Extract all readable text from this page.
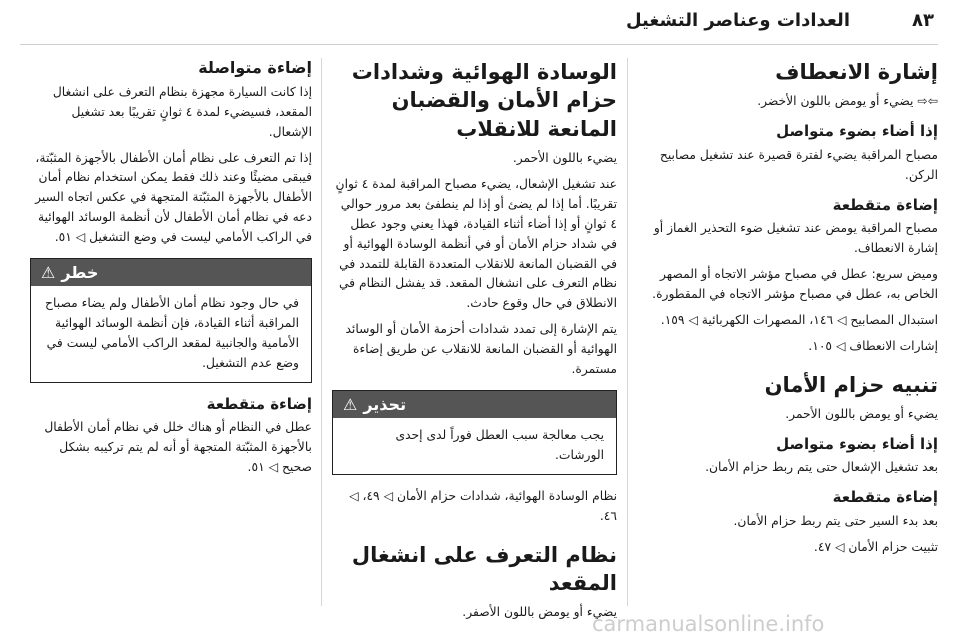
٨٣
العدادات وعناصر التشغيل
إشارة الانعطاف

⇦⇨ يضيء أو يومض باللون الأخضر.

إذا أضاء بضوء متواصل

مصباح المراقبة يضيء لفترة قصيرة عند تشغيل مصابيح الركن.

إضاءة متقطعة

مصباح المراقبة يومض عند تشغيل ضوء التحذير الغماز أو إشارة الانعطاف.

وميض سريع: عطل في مصباح مؤشر الاتجاه أو المصهر الخاص به، عطل في مصباح مؤشر الاتجاه في المقطورة.

استبدال المصابيح ◁ ١٤٦، المصهرات الكهربائية ◁ ١٥٩.

إشارات الانعطاف ◁ ١٠٥.

تنبيه حزام الأمان

يضيء أو يومض باللون الأحمر.

إذا أضاء بضوء متواصل

بعد تشغيل الإشعال حتى يتم ربط حزام الأمان.

إضاءة متقطعة

بعد بدء السير حتى يتم ربط حزام الأمان.

تثبيت حزام الأمان ◁ ٤٧.

الوسادة الهوائية وشدادات حزام الأمان والقضبان المانعة للانقلاب

يضيء باللون الأحمر.

عند تشغيل الإشعال، يضيء مصباح المراقبة لمدة ٤ ثوانٍ تقريبًا. أما إذا لم يضئ أو إذا لم ينطفئ بعد مرور حوالي ٤ ثوانٍ أو إذا أضاء أثناء القيادة، فهذا يعني وجود عطل في شداد حزام الأمان أو في أنظمة الوسادة الهوائية أو في القضبان المانعة للانقلاب المتعددة القابلة للتمدد في نظام التعرف على انشغال المقعد. قد يفشل النظام في الانطلاق في حال وقوع حادث.

يتم الإشارة إلى تمدد شدادات أحزمة الأمان أو الوسائد الهوائية أو القضبان المانعة للانقلاب عن طريق إضاءة مستمرة.

تحذير
⚠
يجب معالجة سبب العطل فوراً لدى إحدى الورشات.

نظام الوسادة الهوائية، شدادات حزام الأمان ◁ ٤٩، ◁ ٤٦.

نظام التعرف على انشغال المقعد

يضيء أو يومض باللون الأصفر.

إضاءة متواصلة

إذا كانت السيارة مجهزة بنظام التعرف على انشغال المقعد، فسيضيء لمدة ٤ ثوانٍ تقريبًا بعد تشغيل الإشعال.

إذا تم التعرف على نظام أمان الأطفال بالأجهزة المثبّتة، فيبقى مضيئًا وعند ذلك فقط يمكن استخدام نظام أمان الأطفال بالأجهزة المثبّتة المتجهة في عكس اتجاه السير دعه في نظام أمان الأطفال لأن أنظمة الوسائد الهوائية في الراكب الأمامي ليست في وضع التشغيل ◁ ٥١.

خطر
⚠
في حال وجود نظام أمان الأطفال ولم يضاء مصباح المراقبة أثناء القيادة، فإن أنظمة الوسائد الهوائية الأمامية والجانبية لمقعد الراكب الأمامي ليست في وضع عدم التشغيل.
إضاءة متقطعة

عطل في النظام أو هناك خلل في نظام أمان الأطفال بالأجهزة المثبّتة المتجهة أو أنه لم يتم تركيبه بشكل صحيح ◁ ٥١.

carmanualsonline.info
